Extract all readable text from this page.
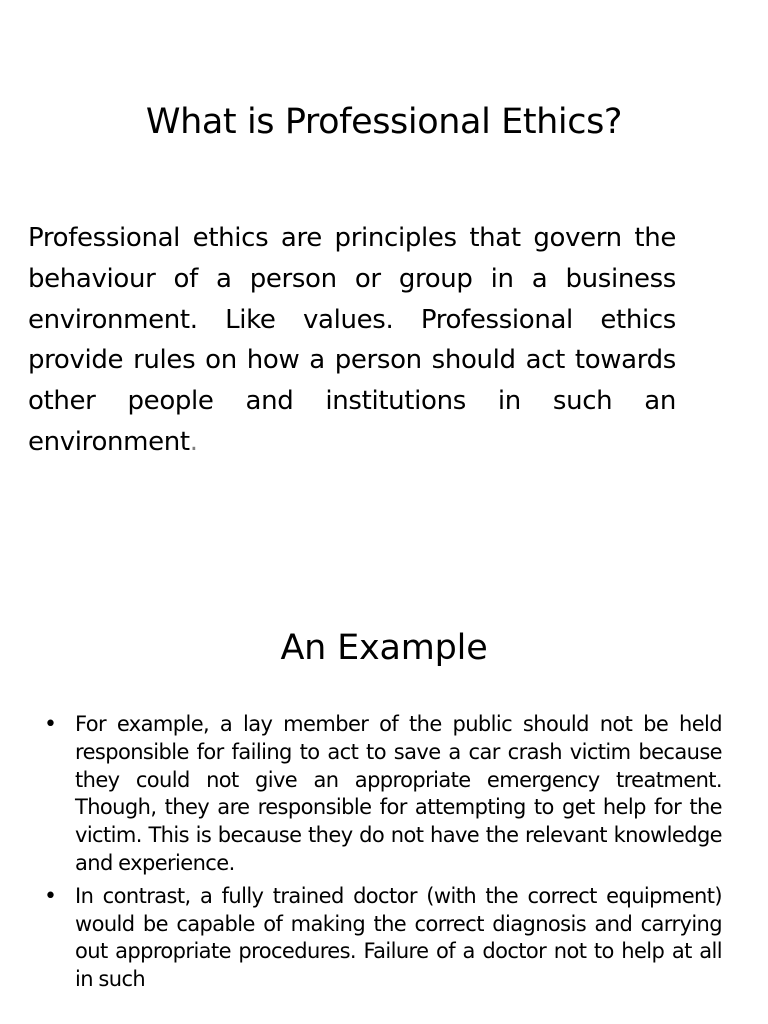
What is Professional Ethics?
Professional ethics are principles that govern the behaviour of a person or group in a business environment. Like values. Professional ethics provide rules on how a person should act towards other people and institutions in such an environment.
An Example
• For example, a lay member of the public should not be held responsible for failing to act to save a car crash victim because they could not give an appropriate emergency treatment. Though, they are responsible for attempting to get help for the victim. This is because they do not have the relevant knowledge and experience.
• In contrast, a fully trained doctor (with the correct equipment) would be capable of making the correct diagnosis and carrying out appropriate procedures. Failure of a doctor not to help at all in such
